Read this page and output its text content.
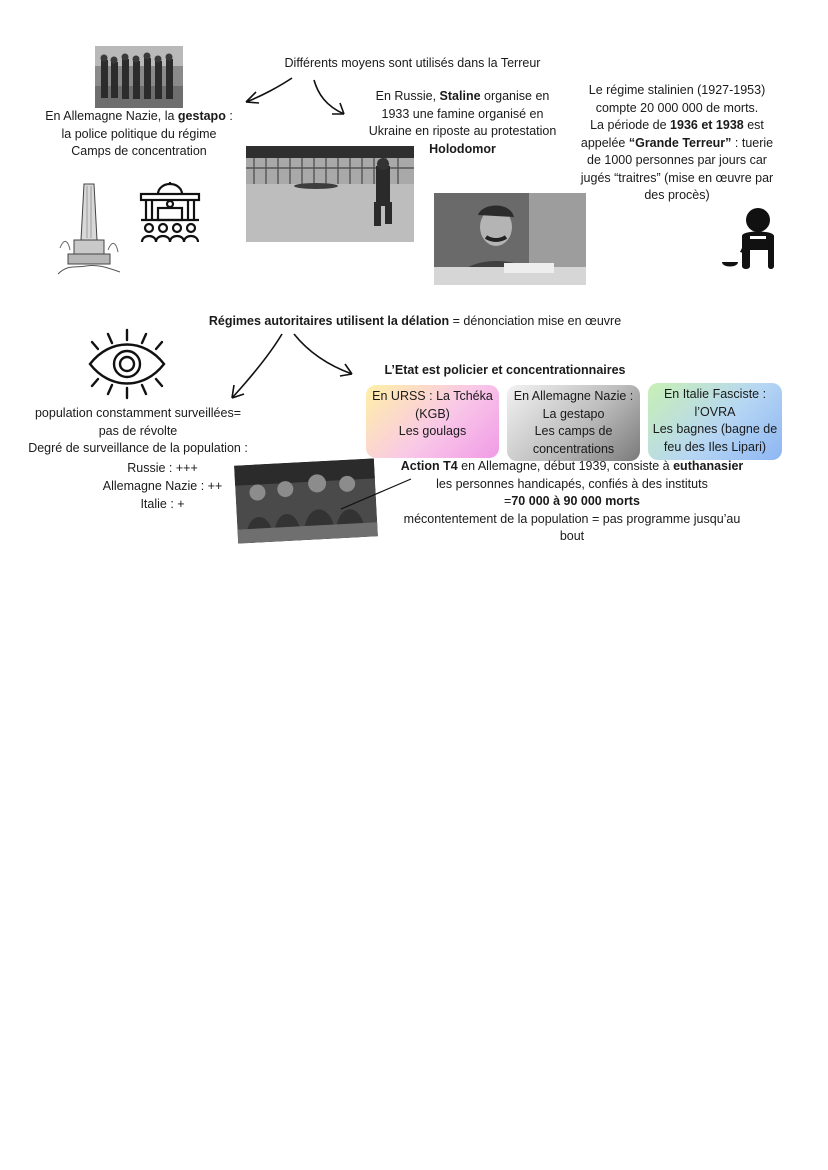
Différents moyens sont utilisés dans la Terreur
En Allemagne Nazie, la gestapo :
la police politique du régime
Camps de concentration
En Russie, Staline organise en
1933 une famine organisé en
Ukraine en riposte au protestation
Holodomor
Le régime stalinien (1927-1953)
compte 20 000 000 de morts.
La période de 1936 et 1938 est
appelée “Grande Terreur” : tuerie
de 1000 personnes par jours car
jugés “traitres” (mise en œuvre par
des procès)
Régimes autoritaires utilisent la délation = dénonciation mise en œuvre
population constamment surveillées=
pas de révolte
Degré de surveillance de la population :
• Russie : +++
• Allemagne Nazie : ++
• Italie : +
L’Etat est policier et concentrationnaires
En URSS : La Tchéka
(KGB)
Les goulags
En Allemagne Nazie :
La gestapo
Les camps de
concentrations
En Italie Fasciste :
l’OVRA
Les bagnes (bagne de
feu des Iles Lipari)
Action T4 en Allemagne, début 1939, consiste à euthanasier
les personnes handicapés, confiés à des instituts
=70 000 à 90 000 morts
mécontentement de la population = pas programme jusqu’au
bout
